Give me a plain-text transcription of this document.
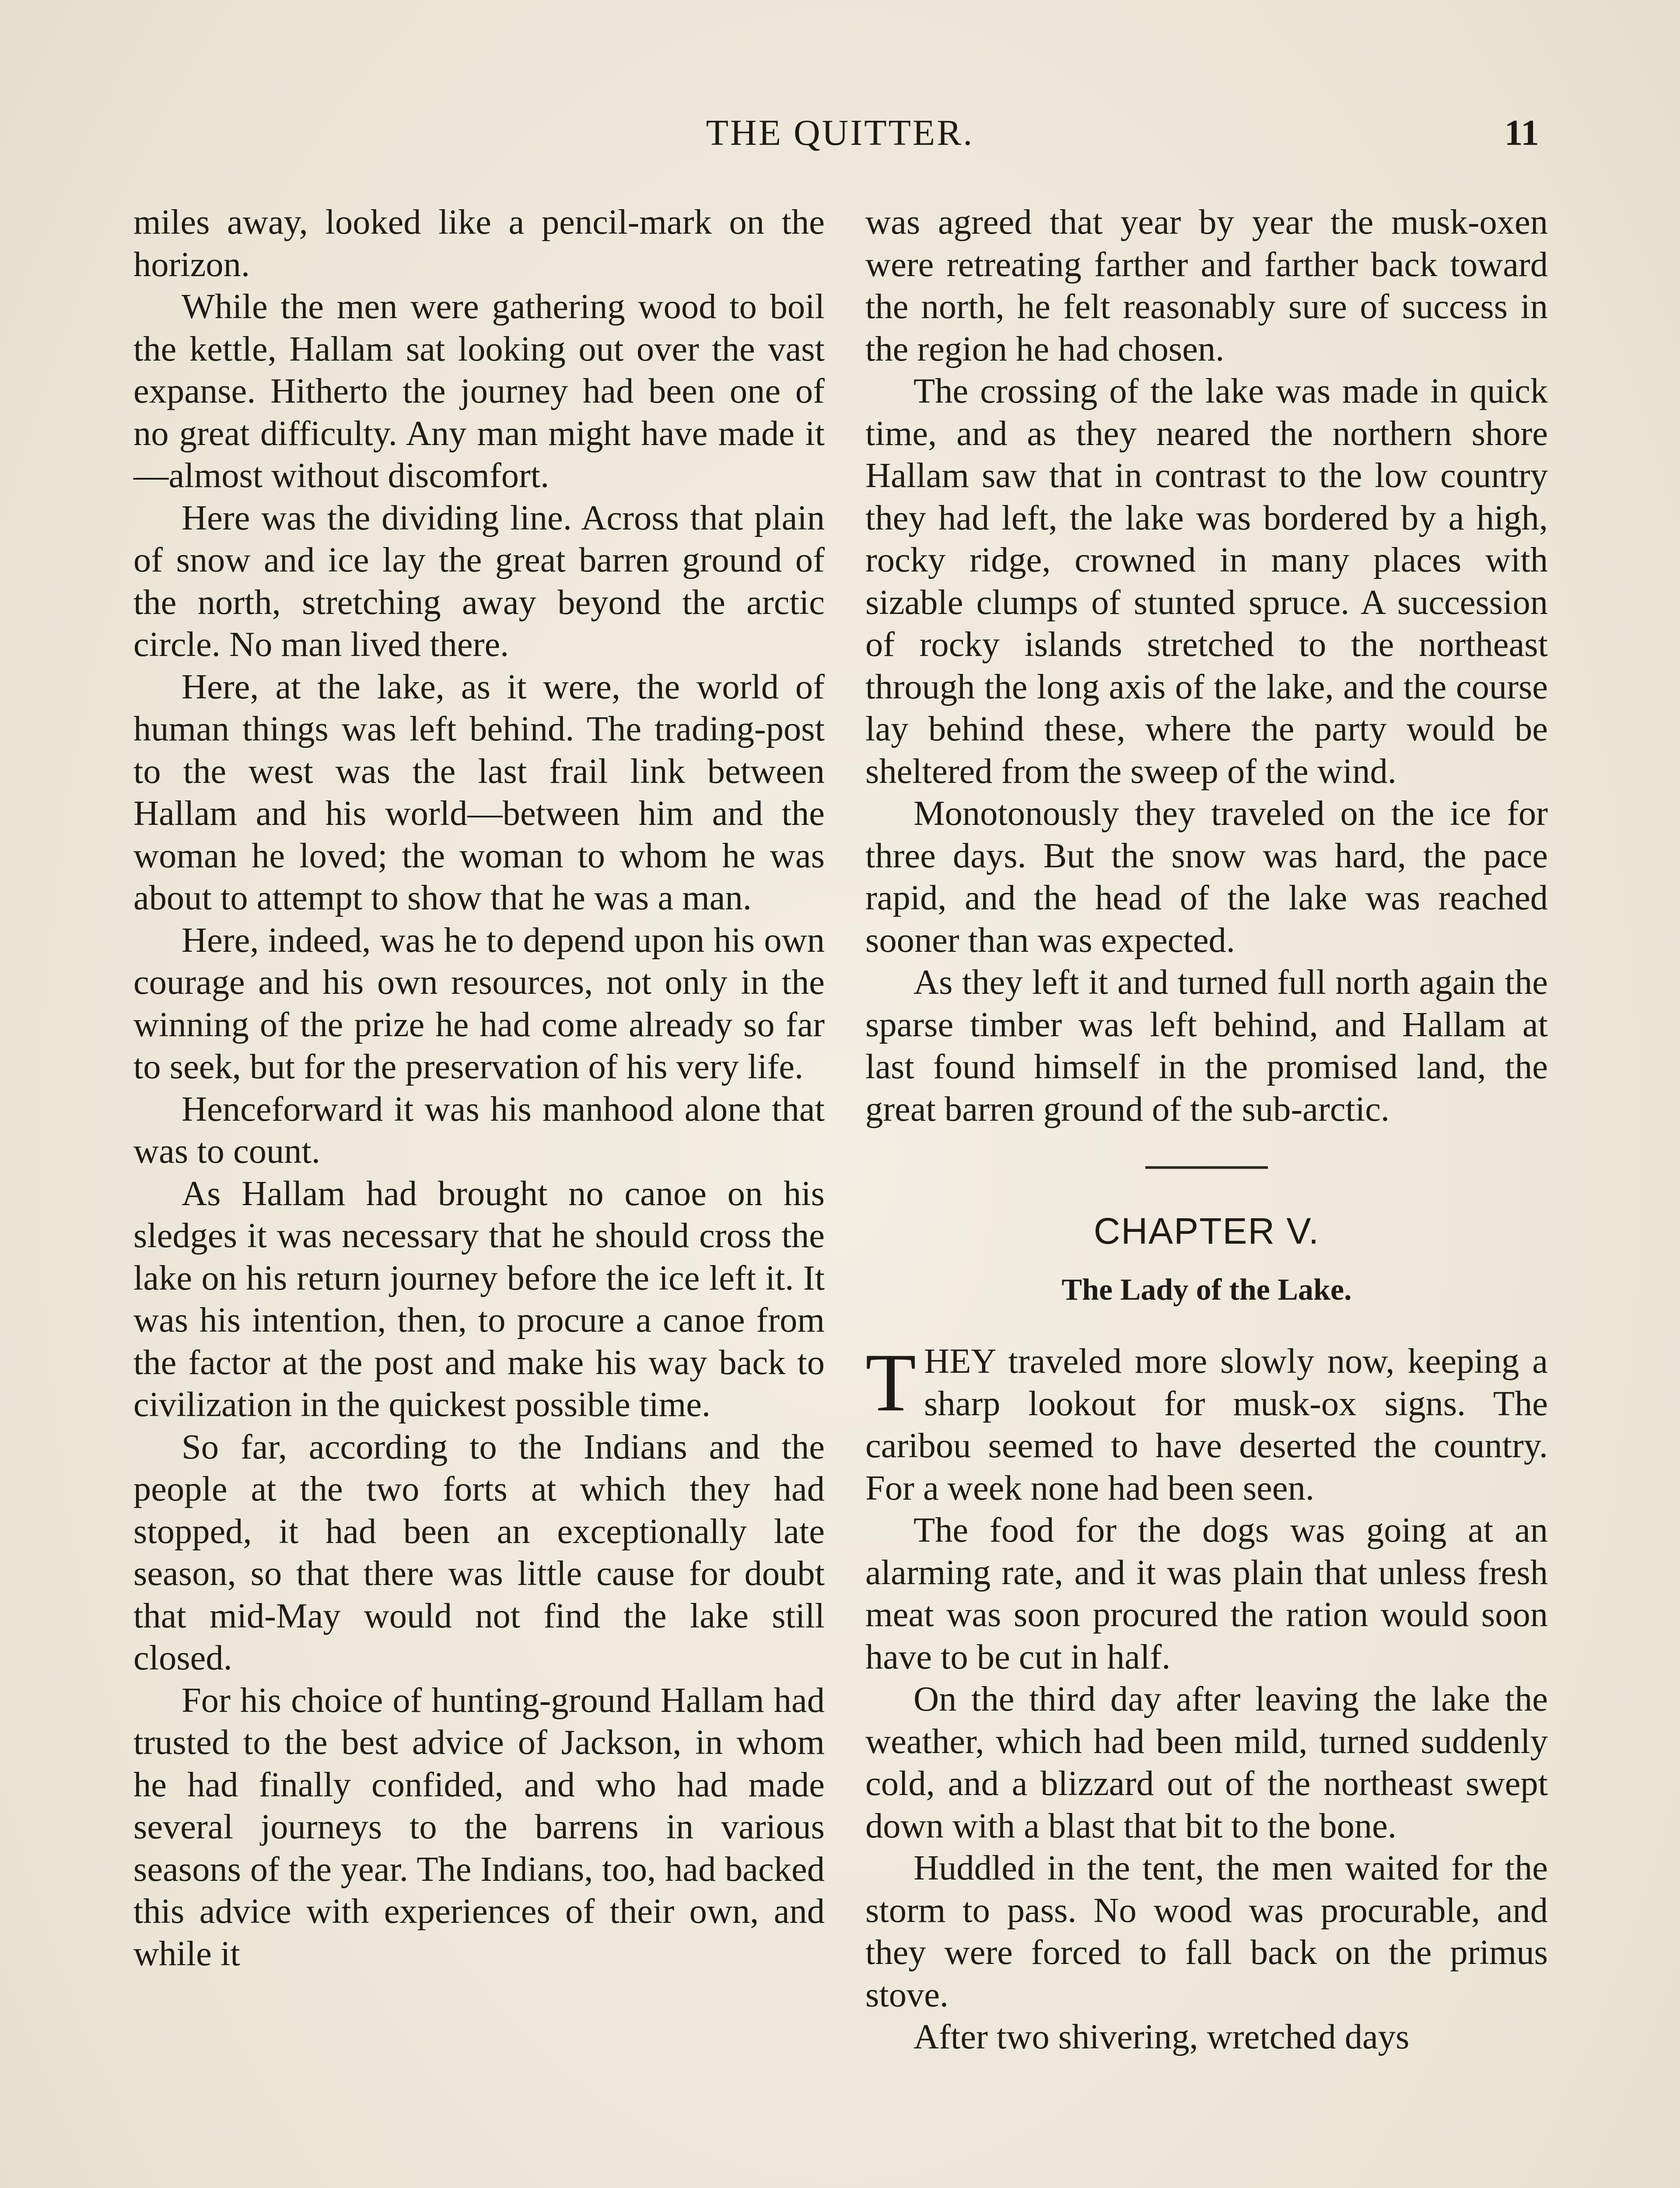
THE QUITTER.	11

miles away, looked like a pencil-mark on the horizon.

While the men were gathering wood to boil the kettle, Hallam sat looking out over the vast expanse. Hitherto the journey had been one of no great difficulty. Any man might have made it—almost without discomfort.

Here was the dividing line. Across that plain of snow and ice lay the great barren ground of the north, stretching away beyond the arctic circle. No man lived there.

Here, at the lake, as it were, the world of human things was left behind. The trading-post to the west was the last frail link between Hallam and his world—between him and the woman he loved; the woman to whom he was about to attempt to show that he was a man.

Here, indeed, was he to depend upon his own courage and his own resources, not only in the winning of the prize he had come already so far to seek, but for the preservation of his very life.

Henceforward it was his manhood alone that was to count.

As Hallam had brought no canoe on his sledges it was necessary that he should cross the lake on his return journey before the ice left it. It was his intention, then, to procure a canoe from the factor at the post and make his way back to civilization in the quickest possible time.

So far, according to the Indians and the people at the two forts at which they had stopped, it had been an exceptionally late season, so that there was little cause for doubt that mid-May would not find the lake still closed.

For his choice of hunting-ground Hallam had trusted to the best advice of Jackson, in whom he had finally confided, and who had made several journeys to the barrens in various seasons of the year. The Indians, too, had backed this advice with experiences of their own, and while it

was agreed that year by year the musk-oxen were retreating farther and farther back toward the north, he felt reasonably sure of success in the region he had chosen.

The crossing of the lake was made in quick time, and as they neared the northern shore Hallam saw that in contrast to the low country they had left, the lake was bordered by a high, rocky ridge, crowned in many places with sizable clumps of stunted spruce. A succession of rocky islands stretched to the northeast through the long axis of the lake, and the course lay behind these, where the party would be sheltered from the sweep of the wind.

Monotonously they traveled on the ice for three days. But the snow was hard, the pace rapid, and the head of the lake was reached sooner than was expected.

As they left it and turned full north again the sparse timber was left behind, and Hallam at last found himself in the promised land, the great barren ground of the sub-arctic.

CHAPTER V.
The Lady of the Lake.

THEY traveled more slowly now, keeping a sharp lookout for musk-ox signs. The caribou seemed to have deserted the country. For a week none had been seen.

The food for the dogs was going at an alarming rate, and it was plain that unless fresh meat was soon procured the ration would soon have to be cut in half.

On the third day after leaving the lake the weather, which had been mild, turned suddenly cold, and a blizzard out of the northeast swept down with a blast that bit to the bone.

Huddled in the tent, the men waited for the storm to pass. No wood was procurable, and they were forced to fall back on the primus stove.

After two shivering, wretched days
